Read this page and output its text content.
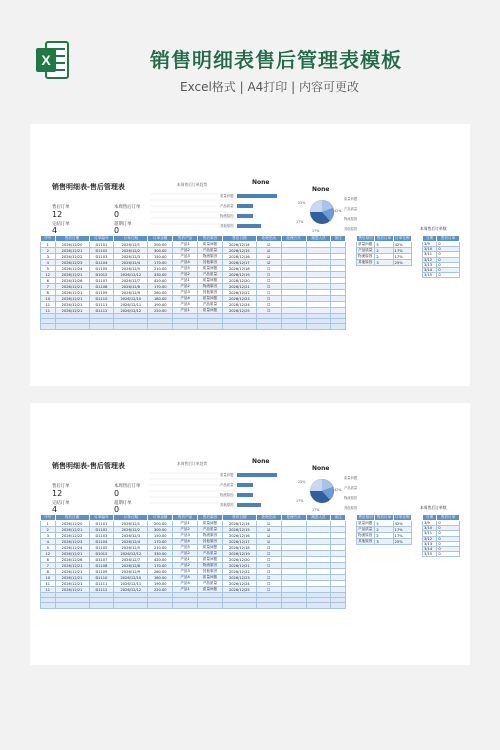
X	销售明细表售后管理表模板
Excel格式 | A4打印 | 内容可更改
销售明细表-售后管理表
售后订单
12
本周售后订单
0
完结订单
4
超期订单
0
本周售后订单趋势	None
质量问题
产品质量
物流原因
其他原因
None
25%
42%
17%
17%
质量问题
产品质量
物流原因
其他原因
序号	售后日期	订单编号	订单日期	订单金额	售后产品	售后原因	售后日期	处理完成	处理方式	跟进人员	备注
1	2026/12/20	D1101	2026/12/1	200.00	产品1	质量问题	2026/12/14	☑			
2	2026/12/21	D1102	2026/12/2	300.00	产品2	产品质量	2026/12/15	☑			
3	2026/12/22	D1103	2026/12/3	150.00	产品3	物流原因	2026/12/16	☑			
4	2026/12/23	D1104	2026/12/4	170.00	产品4	其他原因	2026/12/17	☑			
5	2026/12/24	D1105	2026/12/5	210.00	产品5	质量问题	2026/12/18	☐			
12	2026/12/21	D1012	2026/12/12	330.00	产品2	产品质量	2026/12/19	☐			
6	2026/12/26	D1107	2026/12/7	420.00	产品1	质量问题	2026/12/20	☐			
7	2026/12/21	D1108	2026/12/8	170.00	产品2	物流原因	2026/12/21	☐			
8	2026/12/21	D1109	2026/12/9	260.00	产品3	其他原因	2026/12/22	☐			
10	2026/12/21	D1110	2026/12/10	180.00	产品4	质量问题	2026/12/23	☐			
11	2026/12/21	D1111	2026/12/11	190.00	产品5	产品质量	2026/12/24	☐			
11	2026/12/21	D1112	2026/12/12	220.00	产品1	质量问题	2026/12/25	☐			

售后原因	售后订单	订单比例
质量问题	5	42%
产品质量	2	17%
物流原因	2	17%
其他原因	3	25%
本周售后订单数
日期	售后订单
3/9	0
3/10	0
3/11	0
3/12	0
3/13	0
3/14	0
3/15	0
销售明细表-售后管理表
售后订单
12
本周售后订单
0
完结订单
4
超期订单
0
本周售后订单趋势	None
质量问题
产品质量
物流原因
其他原因
None
25%
42%
17%
17%
质量问题
产品质量
物流原因
其他原因
序号	售后日期	订单编号	订单日期	订单金额	售后产品	售后原因	售后日期	处理完成	处理方式	跟进人员	备注
1	2026/12/20	D1101	2026/12/1	200.00	产品1	质量问题	2026/12/14	☑			
2	2026/12/21	D1102	2026/12/2	300.00	产品2	产品质量	2026/12/15	☑			
3	2026/12/22	D1103	2026/12/3	150.00	产品3	物流原因	2026/12/16	☑			
4	2026/12/23	D1104	2026/12/4	170.00	产品4	其他原因	2026/12/17	☑			
5	2026/12/24	D1105	2026/12/5	210.00	产品5	质量问题	2026/12/18	☐			
12	2026/12/21	D1012	2026/12/12	330.00	产品2	产品质量	2026/12/19	☐			
6	2026/12/26	D1107	2026/12/7	420.00	产品1	质量问题	2026/12/20	☐			
7	2026/12/21	D1108	2026/12/8	170.00	产品2	物流原因	2026/12/21	☐			
8	2026/12/21	D1109	2026/12/9	260.00	产品3	其他原因	2026/12/22	☐			
10	2026/12/21	D1110	2026/12/10	180.00	产品4	质量问题	2026/12/23	☐			
11	2026/12/21	D1111	2026/12/11	190.00	产品5	产品质量	2026/12/24	☐			
11	2026/12/21	D1112	2026/12/12	220.00	产品1	质量问题	2026/12/25	☐			

售后原因	售后订单	订单比例
质量问题	5	42%
产品质量	2	17%
物流原因	2	17%
其他原因	3	25%
本周售后订单数
日期	售后订单
3/9	0
3/10	0
3/11	0
3/12	0
3/13	0
3/14	0
3/15	0
